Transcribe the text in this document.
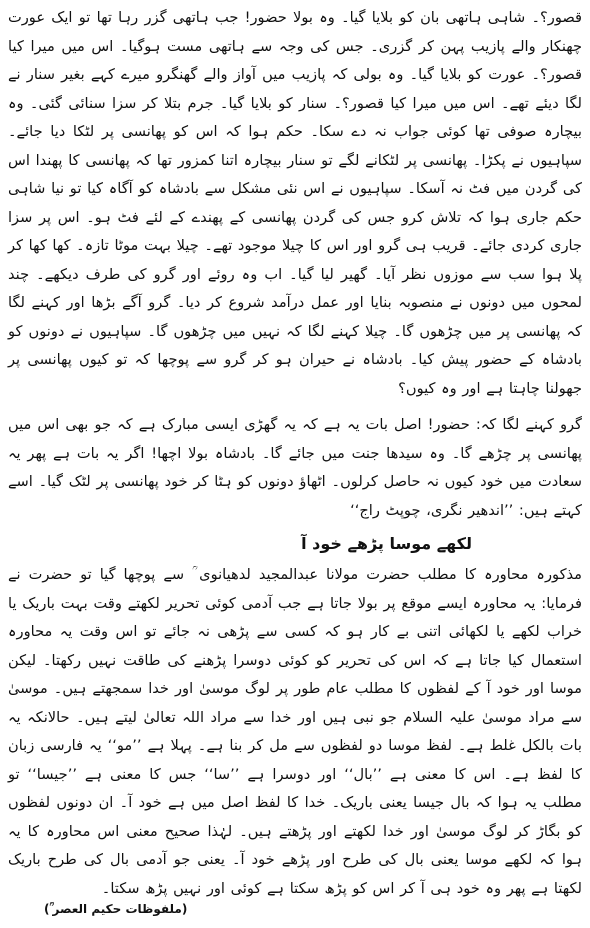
قصور؟۔ شاہی ہاتھی بان کو بلایا گیا۔ وہ بولا حضور! جب ہاتھی گزر رہا تھا تو ایک عورت چھنکار والے پازیب پہن کر گزری۔ جس کی وجہ سے ہاتھی مست ہوگیا۔ اس میں میرا کیا قصور؟۔ عورت کو بلایا گیا۔ وہ بولی کہ پازیب میں آواز والے گھنگرو میرے کہے بغیر سنار نے لگا دیئے تھے۔ اس میں میرا کیا قصور؟۔ سنار کو بلایا گیا۔ جرم بتلا کر سزا سنائی گئی۔ وہ بیچارہ صوفی تھا کوئی جواب نہ دے سکا۔ حکم ہوا کہ اس کو پھانسی پر لٹکا دیا جائے۔ سپاہیوں نے پکڑا۔ پھانسی پر لٹکانے لگے تو سنار بیچارہ اتنا کمزور تھا کہ پھانسی کا پھندا اس کی گردن میں فٹ نہ آسکا۔ سپاہیوں نے اس نئی مشکل سے بادشاہ کو آگاہ کیا تو نیا شاہی حکم جاری ہوا کہ تلاش کرو جس کی گردن پھانسی کے پھندے کے لئے فٹ ہو۔ اس پر سزا جاری کردی جائے۔ قریب ہی گرو اور اس کا چیلا موجود تھے۔ چیلا بہت موٹا تازہ۔ کھا کھا کر پلا ہوا سب سے موزوں نظر آیا۔ گھیر لیا گیا۔ اب وہ روئے اور گرو کی طرف دیکھے۔ چند لمحوں میں دونوں نے منصوبہ بنایا اور عمل درآمد شروع کر دیا۔ گرو آگے بڑھا اور کہنے لگا کہ پھانسی پر میں چڑھوں گا۔ چیلا کہنے لگا کہ نہیں میں چڑھوں گا۔ سپاہیوں نے دونوں کو بادشاہ کے حضور پیش کیا۔ بادشاہ نے حیران ہو کر گرو سے پوچھا کہ تو کیوں پھانسی پر جھولنا چاہتا ہے اور وہ کیوں؟

گرو کہنے لگا کہ: حضور! اصل بات یہ ہے کہ یہ گھڑی ایسی مبارک ہے کہ جو بھی اس میں پھانسی پر چڑھے گا۔ وہ سیدھا جنت میں جائے گا۔ بادشاہ بولا اچھا! اگر یہ بات ہے پھر یہ سعادت میں خود کیوں نہ حاصل کرلوں۔ اٹھاؤ دونوں کو ہٹا کر خود پھانسی پر لٹک گیا۔ اسے کہتے ہیں: ’’اندھیر نگری، چوپٹ راج‘‘

لکھے موسا پڑھے خود آ

مذکورہ محاورہ کا مطلب حضرت مولانا عبدالمجید لدھیانوی ؒ سے پوچھا گیا تو حضرت نے فرمایا: یہ محاورہ ایسے موقع پر بولا جاتا ہے جب آدمی کوئی تحریر لکھتے وقت بہت باریک یا خراب لکھے یا لکھائی اتنی بے کار ہو کہ کسی سے پڑھی نہ جائے تو اس وقت یہ محاورہ استعمال کیا جاتا ہے کہ اس کی تحریر کو کوئی دوسرا پڑھنے کی طاقت نہیں رکھتا۔ لیکن موسا اور خود آ کے لفظوں کا مطلب عام طور پر لوگ موسیٰ اور خدا سمجھتے ہیں۔ موسیٰ سے مراد موسیٰ علیہ السلام جو نبی ہیں اور خدا سے مراد اللہ تعالیٰ لیتے ہیں۔ حالانکہ یہ بات بالکل غلط ہے۔ لفظ موسا دو لفظوں سے مل کر بنا ہے۔ پہلا ہے ’’مو‘‘ یہ فارسی زبان کا لفظ ہے۔ اس کا معنی ہے ’’بال‘‘ اور دوسرا ہے ’’سا‘‘ جس کا معنی ہے ’’جیسا‘‘ تو مطلب یہ ہوا کہ بال جیسا یعنی باریک۔ خدا کا لفظ اصل میں ہے خود آ۔ ان دونوں لفظوں کو بگاڑ کر لوگ موسیٰ اور خدا لکھتے اور پڑھتے ہیں۔ لہٰذا صحیح معنی اس محاورہ کا یہ ہوا کہ لکھے موسا یعنی بال کی طرح اور پڑھے خود آ۔ یعنی جو آدمی بال کی طرح باریک لکھتا ہے پھر وہ خود ہی آ کر اس کو پڑھ سکتا ہے کوئی اور نہیں پڑھ سکتا۔

(ملفوظات حکیم العصر ؒ)
